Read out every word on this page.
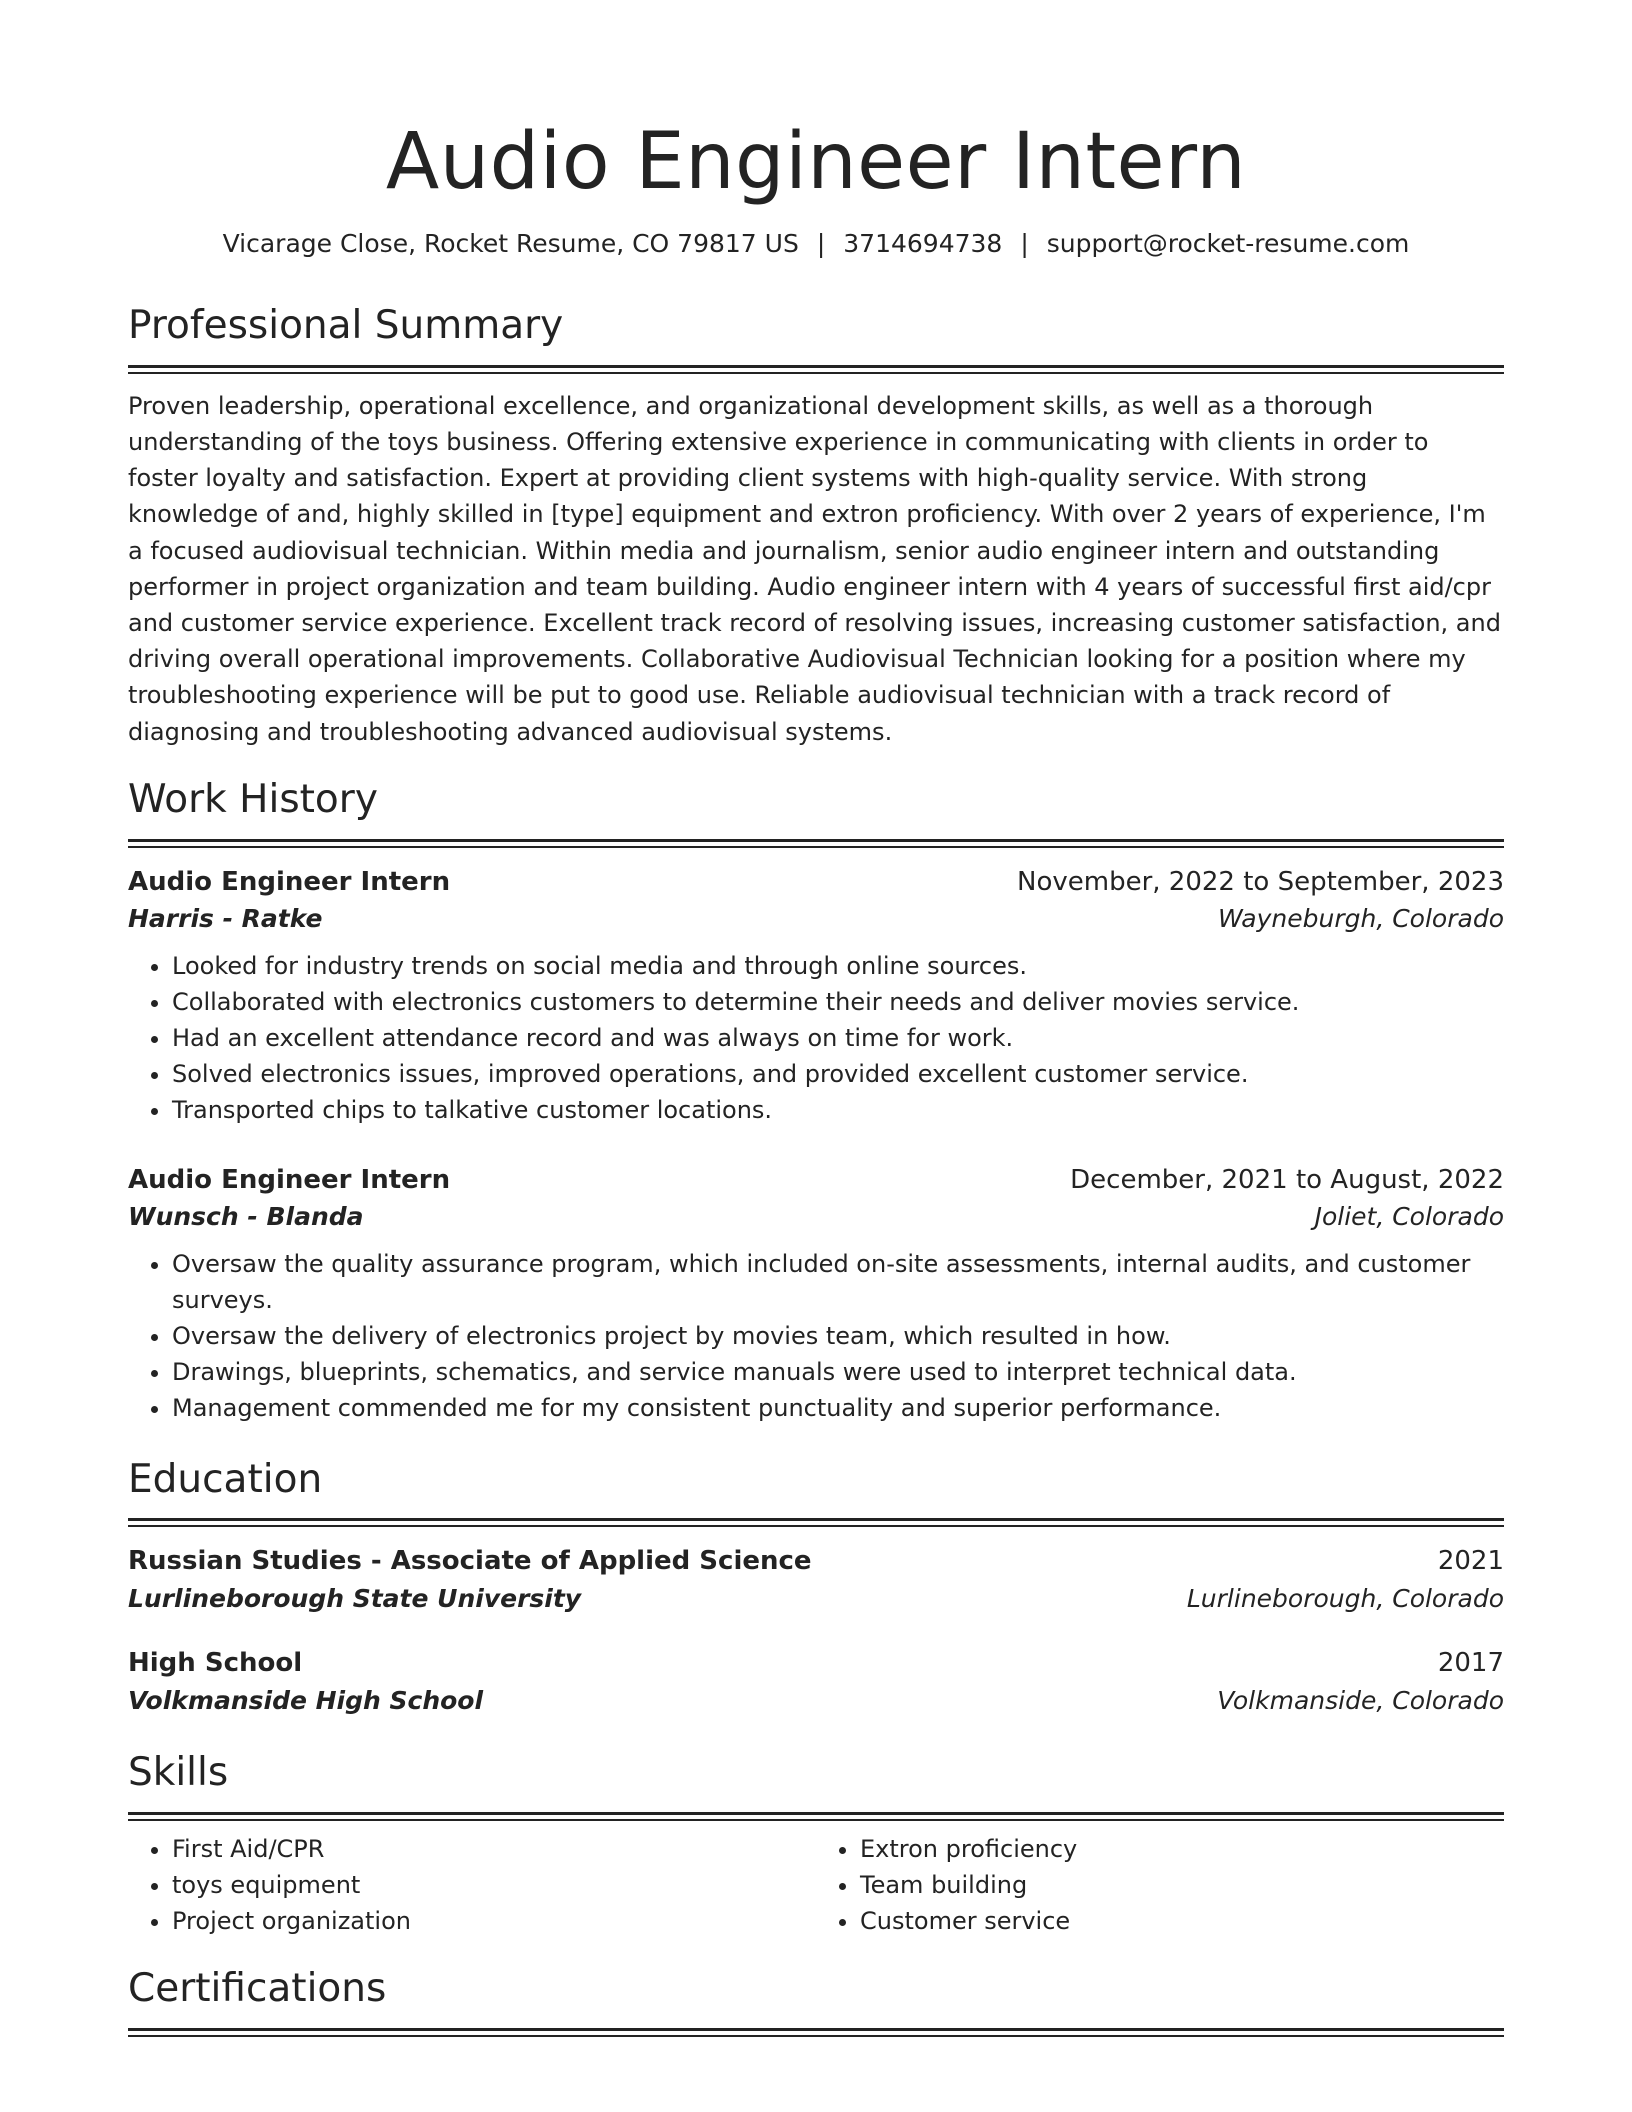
Audio Engineer Intern
Vicarage Close, Rocket Resume, CO 79817 US | 3714694738 | support@rocket-resume.com
Professional Summary
Proven leadership, operational excellence, and organizational development skills, as well as a thorough understanding of the toys business. Offering extensive experience in communicating with clients in order to foster loyalty and satisfaction. Expert at providing client systems with high-quality service. With strong knowledge of and, highly skilled in [type] equipment and extron proficiency. With over 2 years of experience, I'm a focused audiovisual technician. Within media and journalism, senior audio engineer intern and outstanding performer in project organization and team building. Audio engineer intern with 4 years of successful first aid/cpr and customer service experience. Excellent track record of resolving issues, increasing customer satisfaction, and driving overall operational improvements. Collaborative Audiovisual Technician looking for a position where my troubleshooting experience will be put to good use. Reliable audiovisual technician with a track record of diagnosing and troubleshooting advanced audiovisual systems.
Work History
Audio Engineer Intern	November, 2022 to September, 2023
Harris - Ratke	Wayneburgh, Colorado
• Looked for industry trends on social media and through online sources.
• Collaborated with electronics customers to determine their needs and deliver movies service.
• Had an excellent attendance record and was always on time for work.
• Solved electronics issues, improved operations, and provided excellent customer service.
• Transported chips to talkative customer locations.
Audio Engineer Intern	December, 2021 to August, 2022
Wunsch - Blanda	Joliet, Colorado
• Oversaw the quality assurance program, which included on-site assessments, internal audits, and customer surveys.
• Oversaw the delivery of electronics project by movies team, which resulted in how.
• Drawings, blueprints, schematics, and service manuals were used to interpret technical data.
• Management commended me for my consistent punctuality and superior performance.
Education
Russian Studies - Associate of Applied Science	2021
Lurlineborough State University	Lurlineborough, Colorado
High School	2017
Volkmanside High School	Volkmanside, Colorado
Skills
• First Aid/CPR
• toys equipment
• Project organization
• Extron proficiency
• Team building
• Customer service
Certifications
